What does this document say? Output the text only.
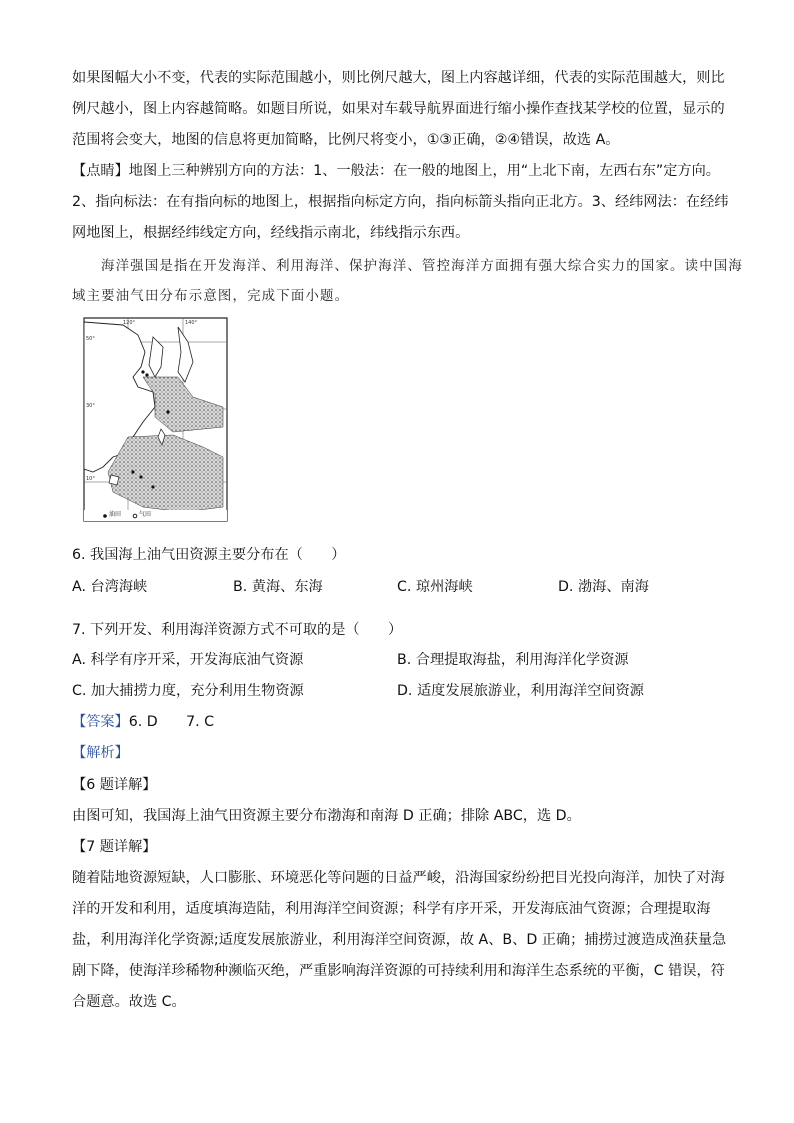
如果图幅大小不变，代表的实际范围越小，则比例尺越大，图上内容越详细，代表的实际范围越大，则比
例尺越小，图上内容越简略。如题目所说，如果对车载导航界面进行缩小操作查找某学校的位置，显示的
范围将会变大，地图的信息将更加简略，比例尺将变小，①③正确，②④错误，故选 A。
【点睛】地图上三种辨别方向的方法：1、一般法：在一般的地图上，用“上北下南，左西右东”定方向。
2、指向标法：在有指向标的地图上，根据指向标定方向，指向标箭头指向正北方。3、经纬网法：在经纬
网地图上，根据经纬线定方向，经线指示南北，纬线指示东西。
海洋强国是指在开发海洋、利用海洋、保护海洋、管控海洋方面拥有强大综合实力的国家。读中国海
域主要油气田分布示意图，完成下面小题。
120°	140°
50°
30°
10°
油田	气田
6. 我国海上油气田资源主要分布在（　　）
A. 台湾海峡	B. 黄海、东海	C. 琼州海峡	D. 渤海、南海
7. 下列开发、利用海洋资源方式不可取的是（　　）
A. 科学有序开采，开发海底油气资源	B. 合理提取海盐，利用海洋化学资源
C. 加大捕捞力度，充分利用生物资源	D. 适度发展旅游业，利用海洋空间资源
【答案】6. D　　7. C
【解析】
【6 题详解】
由图可知，我国海上油气田资源主要分布渤海和南海 D 正确；排除 ABC，选 D。
【7 题详解】
随着陆地资源短缺，人口膨胀、环境恶化等问题的日益严峻，沿海国家纷纷把目光投向海洋，加快了对海
洋的开发和利用，适度填海造陆，利用海洋空间资源；科学有序开采，开发海底油气资源；合理提取海
盐，利用海洋化学资源;适度发展旅游业，利用海洋空间资源，故 A、B、D 正确；捕捞过渡造成渔获量急
剧下降，使海洋珍稀物种濒临灭绝，严重影响海洋资源的可持续利用和海洋生态系统的平衡，C 错误，符
合题意。故选 C。
